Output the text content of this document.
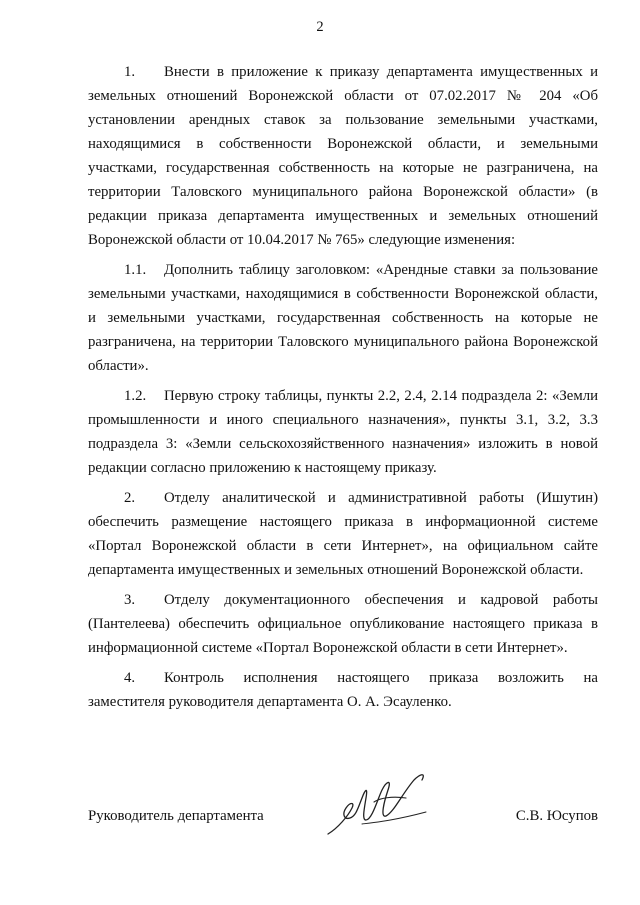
2

1. Внести в приложение к приказу департамента имущественных и земельных отношений Воронежской области от 07.02.2017 № 204 «Об установлении арендных ставок за пользование земельными участками, находящимися в собственности Воронежской области, и земельными участками, государственная собственность на которые не разграничена, на территории Таловского муниципального района Воронежской области» (в редакции приказа департамента имущественных и земельных отношений Воронежской области от 10.04.2017 № 765» следующие изменения:

1.1. Дополнить таблицу заголовком: «Арендные ставки за пользование земельными участками, находящимися в собственности Воронежской области, и земельными участками, государственная собственность на которые не разграничена, на территории Таловского муниципального района Воронежской области».

1.2. Первую строку таблицы, пункты 2.2, 2.4, 2.14 подраздела 2: «Земли промышленности и иного специального назначения», пункты 3.1, 3.2, 3.3 подраздела 3: «Земли сельскохозяйственного назначения» изложить в новой редакции согласно приложению к настоящему приказу.

2. Отделу аналитической и административной работы (Ишутин) обеспечить размещение настоящего приказа в информационной системе «Портал Воронежской области в сети Интернет», на официальном сайте департамента имущественных и земельных отношений Воронежской области.

3. Отделу документационного обеспечения и кадровой работы (Пантелеева) обеспечить официальное опубликование настоящего приказа в информационной системе «Портал Воронежской области в сети Интернет».

4. Контроль исполнения настоящего приказа возложить на заместителя руководителя департамента О. А. Эсауленко.

Руководитель департамента	С.В. Юсупов
